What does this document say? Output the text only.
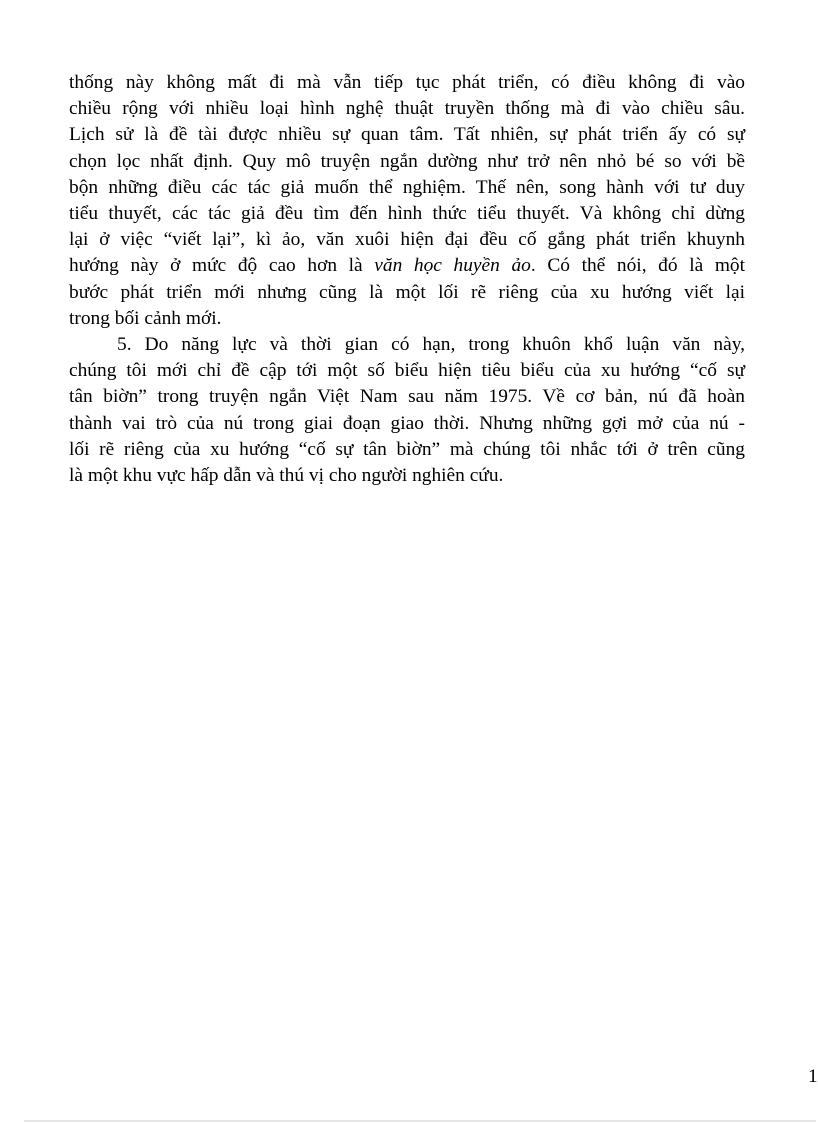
thống này không mất đi mà vẫn tiếp tục phát triển, có điều không đi vào
chiều rộng với nhiều loại hình nghệ thuật truyền thống mà đi vào chiều sâu.
Lịch sử là đề tài được nhiều sự quan tâm. Tất nhiên, sự phát triển ấy có sự
chọn lọc nhất định. Quy mô truyện ngắn dường như trở nên nhỏ bé so với bề
bộn những điều các tác giả muốn thể nghiệm. Thế nên, song hành với tư duy
tiểu thuyết, các tác giả đều tìm đến hình thức tiểu thuyết. Và không chỉ dừng
lại ở việc “viết lại”, kì ảo, văn xuôi hiện đại đều cố gắng phát triển khuynh
hướng này ở mức độ cao hơn là văn học huyền ảo. Có thể nói, đó là một
bước phát triển mới nhưng cũng là một lối rẽ riêng của xu hướng viết lại
trong bối cảnh mới.

5. Do năng lực và thời gian có hạn, trong khuôn khổ luận văn này,
chúng tôi mới chỉ đề cập tới một số biểu hiện tiêu biểu của xu hướng “cố sự
tân biờn” trong truyện ngắn Việt Nam sau năm 1975. Về cơ bản, nú đã hoàn
thành vai trò của nú trong giai đoạn giao thời. Nhưng những gợi mở của nú -
lối rẽ riêng của xu hướng “cố sự tân biờn” mà chúng tôi nhắc tới ở trên cũng
là một khu vực hấp dẫn và thú vị cho người nghiên cứu.

1
